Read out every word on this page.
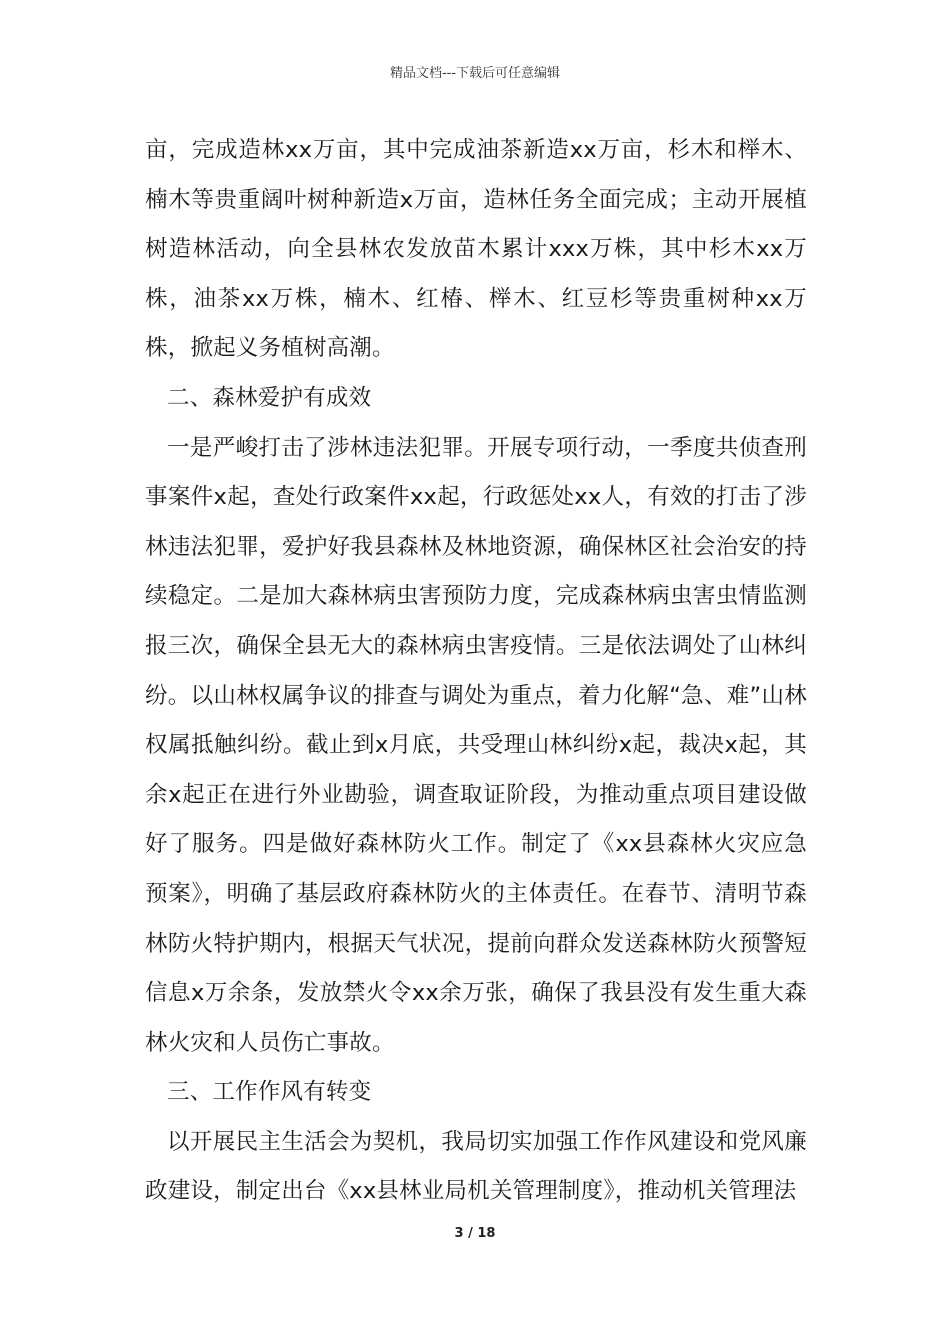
精品文档---下载后可任意编辑

亩，完成造林xx万亩，其中完成油茶新造xx万亩，杉木和榉木、楠木等贵重阔叶树种新造x万亩，造林任务全面完成；主动开展植树造林活动，向全县林农发放苗木累计xxx万株，其中杉木xx万株，油茶xx万株，楠木、红椿、榉木、红豆杉等贵重树种xx万株，掀起义务植树高潮。

二、森林爱护有成效

一是严峻打击了涉林违法犯罪。开展专项行动，一季度共侦查刑事案件x起，查处行政案件xx起，行政惩处xx人，有效的打击了涉林违法犯罪，爱护好我县森林及林地资源，确保林区社会治安的持续稳定。二是加大森林病虫害预防力度，完成森林病虫害虫情监测报三次，确保全县无大的森林病虫害疫情。三是依法调处了山林纠纷。以山林权属争议的排查与调处为重点，着力化解“急、难”山林权属抵触纠纷。截止到x月底，共受理山林纠纷x起，裁决x起，其余x起正在进行外业勘验，调查取证阶段，为推动重点项目建设做好了服务。四是做好森林防火工作。制定了《xx县森林火灾应急预案》，明确了基层政府森林防火的主体责任。在春节、清明节森林防火特护期内，根据天气状况，提前向群众发送森林防火预警短信息x万余条，发放禁火令xx余万张，确保了我县没有发生重大森林火灾和人员伤亡事故。

三、工作作风有转变

以开展民主生活会为契机，我局切实加强工作作风建设和党风廉政建设，制定出台《xx县林业局机关管理制度》，推动机关管理法

3 / 18
